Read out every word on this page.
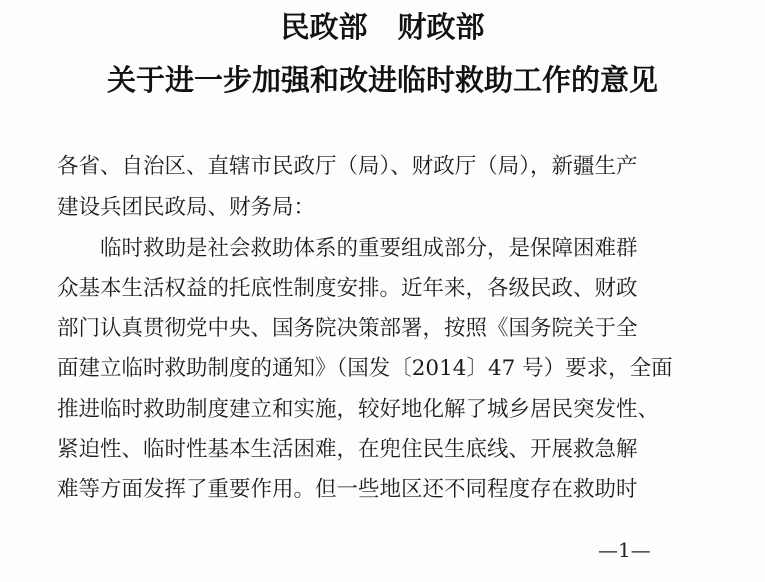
民政部 财政部
关于进一步加强和改进临时救助工作的意见
各省、自治区、直辖市民政厅（局）、财政厅（局），新疆生产
建设兵团民政局、财务局：
临时救助是社会救助体系的重要组成部分，是保障困难群
众基本生活权益的托底性制度安排。近年来，各级民政、财政
部门认真贯彻党中央、国务院决策部署，按照《国务院关于全
面建立临时救助制度的通知》（国发〔2014〕47 号）要求，全面
推进临时救助制度建立和实施，较好地化解了城乡居民突发性、
紧迫性、临时性基本生活困难，在兜住民生底线、开展救急解
难等方面发挥了重要作用。但一些地区还不同程度存在救助时
—1—
